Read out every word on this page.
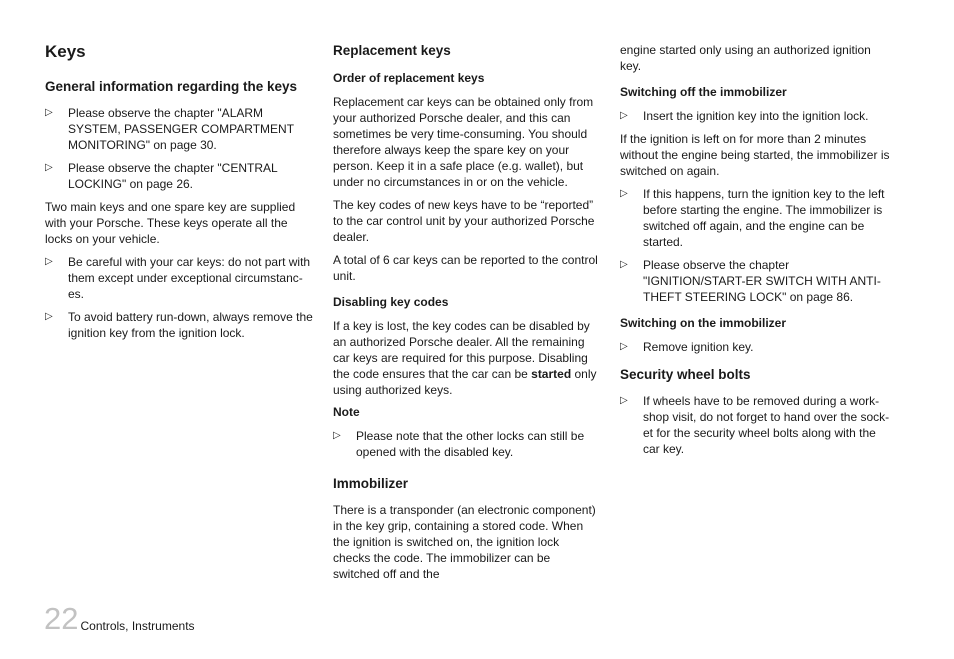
Keys
General information regarding the keys
▷ Please observe the chapter "ALARM SYSTEM, PASSENGER COMPARTMENT MONITORING" on page 30.
▷ Please observe the chapter "CENTRAL LOCKING" on page 26.

Two main keys and one spare key are supplied with your Porsche. These keys operate all the locks on your vehicle.

▷ Be careful with your car keys: do not part with them except under exceptional circumstanc-es.
▷ To avoid battery run-down, always remove the ignition key from the ignition lock.
Replacement keys
Order of replacement keys

Replacement car keys can be obtained only from your authorized Porsche dealer, and this can sometimes be very time-consuming. You should therefore always keep the spare key on your person. Keep it in a safe place (e.g. wallet), but under no circumstances in or on the vehicle.

The key codes of new keys have to be “reported” to the car control unit by your authorized Porsche dealer.

A total of 6 car keys can be reported to the control unit.

Disabling key codes

If a key is lost, the key codes can be disabled by an authorized Porsche dealer. All the remaining car keys are required for this purpose. Disabling the code ensures that the car can be started only using authorized keys.

Note
▷ Please note that the other locks can still be opened with the disabled key.
Immobilizer

There is a transponder (an electronic component) in the key grip, containing a stored code. When the ignition is switched on, the ignition lock checks the code. The immobilizer can be switched off and the

engine started only using an authorized ignition key.

Switching off the immobilizer
▷ Insert the ignition key into the ignition lock.

If the ignition is left on for more than 2 minutes without the engine being started, the immobilizer is switched on again.

▷ If this happens, turn the ignition key to the left before starting the engine. The immobilizer is switched off again, and the engine can be started.
▷ Please observe the chapter "IGNITION/START-ER SWITCH WITH ANTI-THEFT STEERING LOCK" on page 86.
Switching on the immobilizer
▷ Remove ignition key.
Security wheel bolts
▷ If wheels have to be removed during a work-shop visit, do not forget to hand over the sock-et for the security wheel bolts along with the car key.
22 Controls, Instruments
